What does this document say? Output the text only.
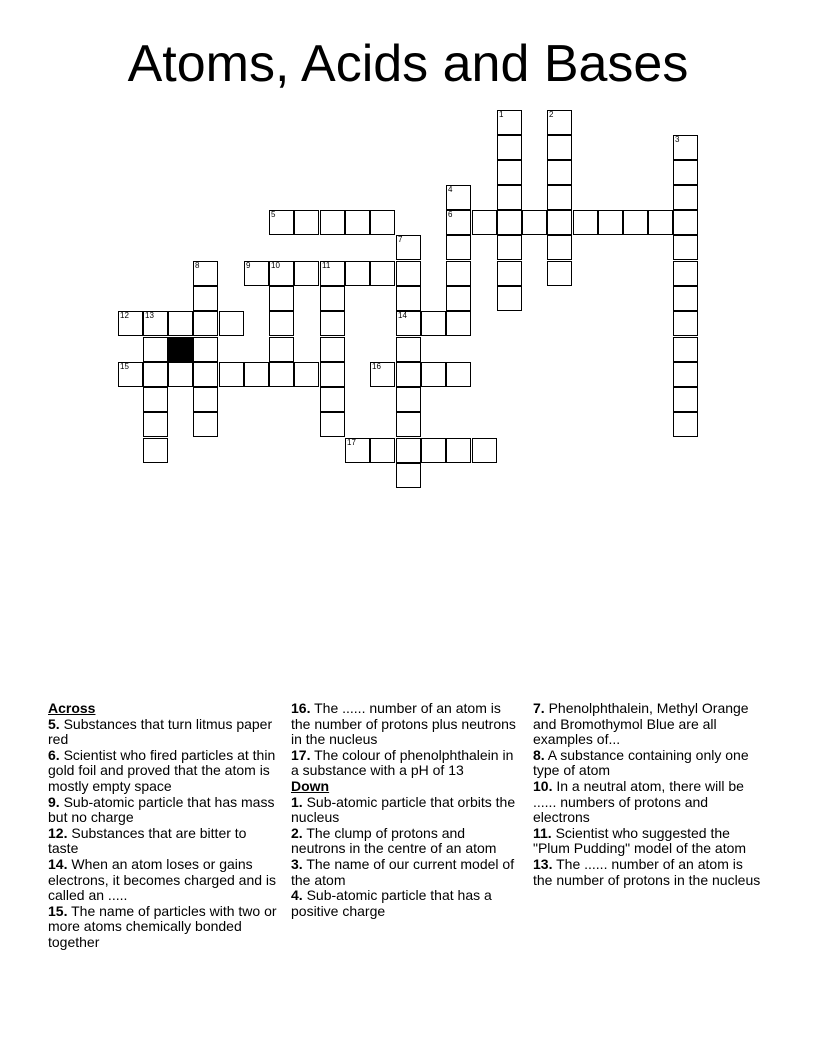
Atoms, Acids and Bases
1	2
3
4
5	6
7
8	9	10	11
12 13	14
15	16
17
Across
5. Substances that turn litmus paper red
6. Scientist who fired particles at thin gold foil and proved that the atom is mostly empty space
9. Sub-atomic particle that has mass but no charge
12. Substances that are bitter to taste
14. When an atom loses or gains electrons, it becomes charged and is called an .....
15. The name of particles with two or more atoms chemically bonded together
16. The ...... number of an atom is the number of protons plus neutrons in the nucleus
17. The colour of phenolphthalein in a substance with a pH of 13
Down
1. Sub-atomic particle that orbits the nucleus
2. The clump of protons and neutrons in the centre of an atom
3. The name of our current model of the atom
4. Sub-atomic particle that has a positive charge
7. Phenolphthalein, Methyl Orange and Bromothymol Blue are all examples of...
8. A substance containing only one type of atom
10. In a neutral atom, there will be ...... numbers of protons and electrons
11. Scientist who suggested the "Plum Pudding" model of the atom
13. The ...... number of an atom is the number of protons in the nucleus
